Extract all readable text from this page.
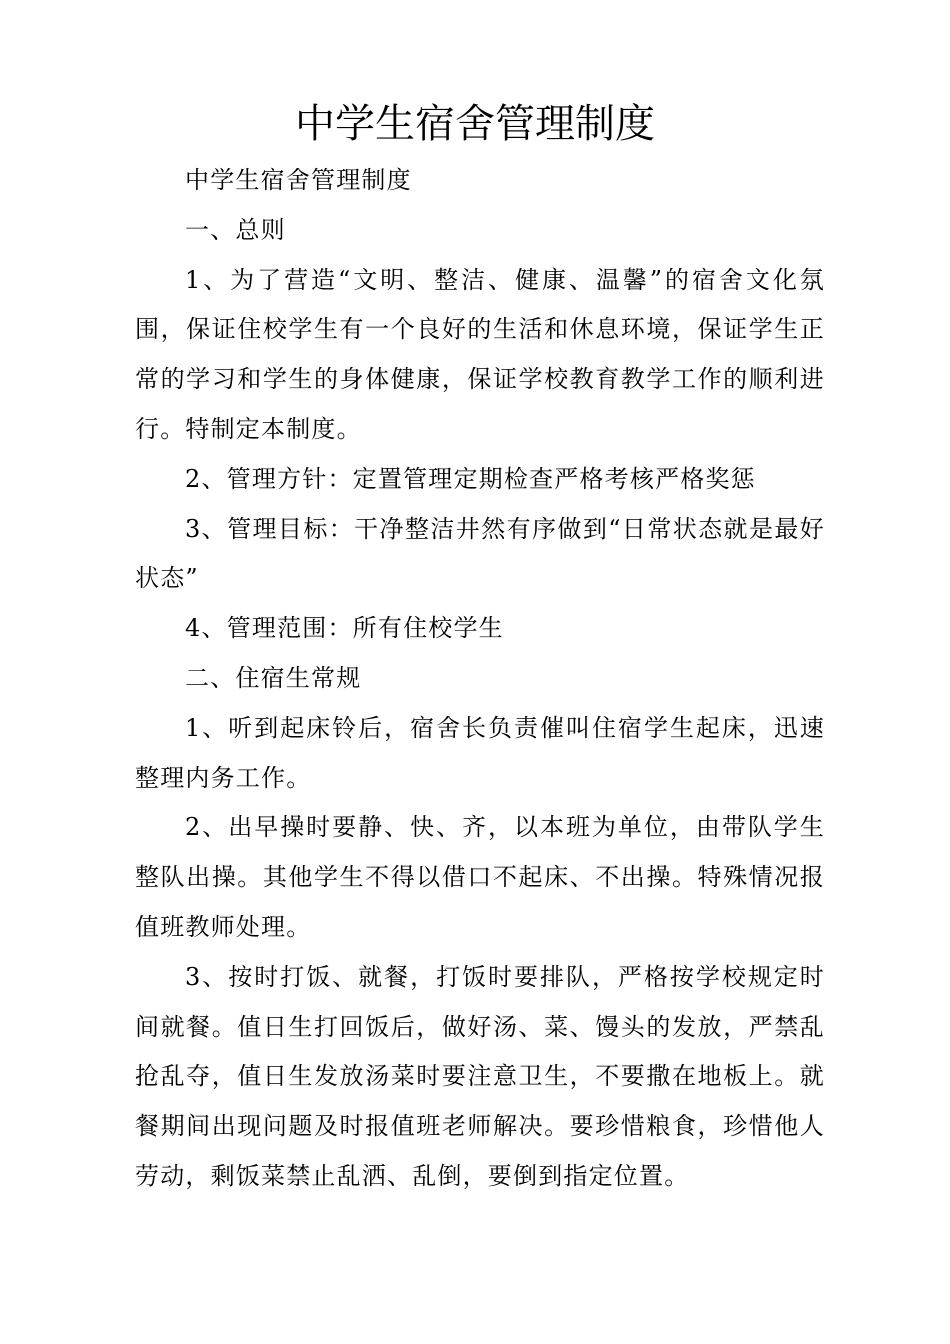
中学生宿舍管理制度

中学生宿舍管理制度

一、总则

1、为了营造“文明、整洁、健康、温馨”的宿舍文化氛围，保证住校学生有一个良好的生活和休息环境，保证学生正常的学习和学生的身体健康，保证学校教育教学工作的顺利进行。特制定本制度。

2、管理方针：定置管理定期检查严格考核严格奖惩

3、管理目标：干净整洁井然有序做到“日常状态就是最好状态”

4、管理范围：所有住校学生

二、住宿生常规

1、听到起床铃后，宿舍长负责催叫住宿学生起床，迅速整理内务工作。

2、出早操时要静、快、齐，以本班为单位，由带队学生整队出操。其他学生不得以借口不起床、不出操。特殊情况报值班教师处理。

3、按时打饭、就餐，打饭时要排队，严格按学校规定时间就餐。值日生打回饭后，做好汤、菜、馒头的发放，严禁乱抢乱夺，值日生发放汤菜时要注意卫生，不要撒在地板上。就餐期间出现问题及时报值班老师解决。要珍惜粮食，珍惜他人劳动，剩饭菜禁止乱洒、乱倒，要倒到指定位置。
